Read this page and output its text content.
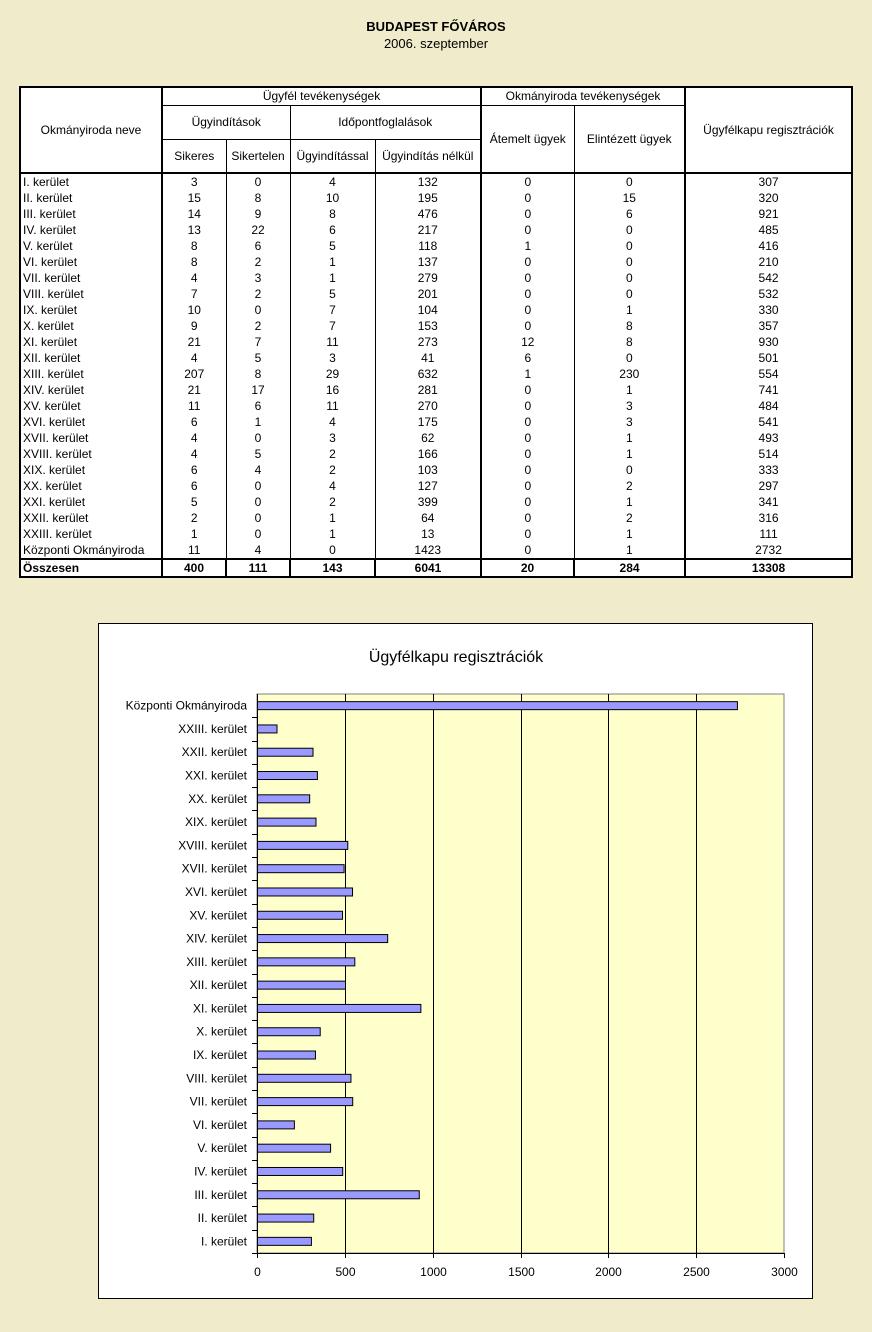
BUDAPEST FŐVÁROS
2006. szeptember
Okmányiroda neve	Ügyfél tevékenységek				Okmányiroda tevékenységek		Ügyfélkapu regisztrációk
	Ügyindítások		Időpontfoglalások		Átemelt ügyek	Elintézett ügyek	
	Sikeres	Sikertelen	Ügyindítással	Ügyindítás nélkül			
I. kerület	3	0	4	132	0	0	307
II. kerület	15	8	10	195	0	15	320
III. kerület	14	9	8	476	0	6	921
IV. kerület	13	22	6	217	0	0	485
V. kerület	8	6	5	118	1	0	416
VI. kerület	8	2	1	137	0	0	210
VII. kerület	4	3	1	279	0	0	542
VIII. kerület	7	2	5	201	0	0	532
IX. kerület	10	0	7	104	0	1	330
X. kerület	9	2	7	153	0	8	357
XI. kerület	21	7	11	273	12	8	930
XII. kerület	4	5	3	41	6	0	501
XIII. kerület	207	8	29	632	1	230	554
XIV. kerület	21	17	16	281	0	1	741
XV. kerület	11	6	11	270	0	3	484
XVI. kerület	6	1	4	175	0	3	541
XVII. kerület	4	0	3	62	0	1	493
XVIII. kerület	4	5	2	166	0	1	514
XIX. kerület	6	4	2	103	0	0	333
XX. kerület	6	0	4	127	0	2	297
XXI. kerület	5	0	2	399	0	1	341
XXII. kerület	2	0	1	64	0	2	316
XXIII. kerület	1	0	1	13	0	1	111
Központi Okmányiroda	11	4	0	1423	0	1	2732
Összesen	400	111	143	6041	20	284	13308
0	500	1000	1500	2000	2500	3000
I. kerület
II. kerület
III. kerület
IV. kerület
V. kerület
VI. kerület
VII. kerület
VIII. kerület
IX. kerület
X. kerület
XI. kerület
XII. kerület
XIII. kerület
XIV. kerület
XV. kerület
XVI. kerület
XVII. kerület
XVIII. kerület
XIX. kerület
XX. kerület
XXI. kerület
XXII. kerület
XXIII. kerület
Központi Okmányiroda
Ügyfélkapu regisztrációk
